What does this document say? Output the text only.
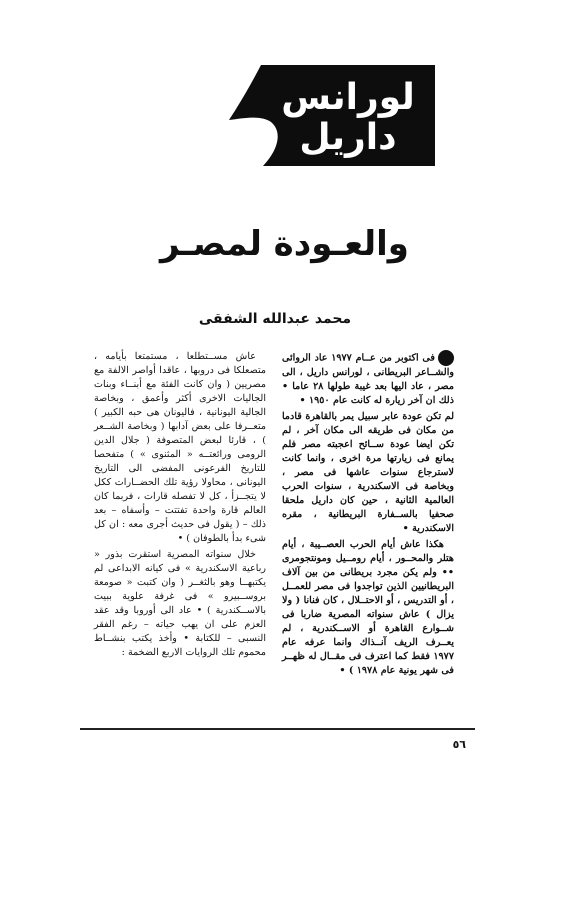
لورانس
داريل
والعـودة لمصـر
محمد عبدالله الشفقى

فى اكتوبر من عــام ١٩٧٧ عاد الروائى والشــاعر البريطانى ، لورانس داريل ، الى مصر ، عاد اليها بعد غيبة طولها ٢٨ عاما • ذلك ان آخر زيارة له كانت عام ١٩٥٠ •

لم تكن عودة عابر سبيل يمر بالقاهرة قادما من مكان فى طريقه الى مكان آخر ، لم تكن ايضا عودة ســائح اعجبته مصر فلم يمانع فى زيارتها مرة اخرى ، وانما كانت لاسترجاع سنوات عاشها فى مصر ، وبخاصة فى الاسكندرية ، سنوات الحرب العالمية الثانية ، حين كان داريل ملحقا صحفيا بالســفارة البريطانية ، مقره الاسكندرية •

هكذا عاش أيام الحرب العصــيبة ، أيام هتلر والمحــور ، أيام رومــيل ومونتجومرى •• ولم يكن مجرد بريطانى من بين آلاف البريطانيين الذين تواجدوا فى مصر للعمــل ، أو التدريس ، أو الاحتــلال ، كان فنانا ( ولا يزال ) عاش سنواته المصرية ضاربا فى شــوارع القاهرة أو الاســكندرية ، لم يعــرف الريف آنــذاك وانما عرفه عام ١٩٧٧ فقط كما اعترف فى مقــال له ظهــر فى شهر يونية عام ١٩٧٨ ) •

عاش مســتطلعا ، مستمتعا بأيامه ، متصعلكا فى دروبها ، عاقدا أواصر الالفة مع مصريين ( وان كانت الفئة مع أبنــاء وبنات الجاليات الاخرى أكثر وأعمق ، وبخاصة الجالية اليونانية ، فاليونان هى حبه الكبير ) متعــرفا على بعض آدابها ( وبخاصة الشــعر ) ، قارئا لبعض المتصوفة ( جلال الدين الرومى ورائعتــه « المثنوى » ) متفحصا للتاريخ الفرعونى المفضى الى التاريخ اليونانى ، محاولا رؤية تلك الحضــارات ككل لا يتجــزأ ، كل لا تفصله قارات ، فربما كان العالم قارة واحدة تفتتت – وأسفاه – بعد ذلك – ( يقول فى حديث أجرى معه : ان كل شىء بدأ بالطوفان ) •

خلال سنواته المصرية استقرت بذور « رباعية الاسكندرية » فى كيانه الابداعى لم يكتبهــا وهو بالثغــر ( وان كتبت « صومعة بروســبيرو » فى غرفة علوية ببيت بالاســكندرية ) • عاد الى أوروبا وقد عقد العزم على ان يهب حياته – رغم الفقر النسبى – للكتابة • وأخذ يكتب بنشــاط محموم تلك الروايات الاربع الضخمة :

٥٦
